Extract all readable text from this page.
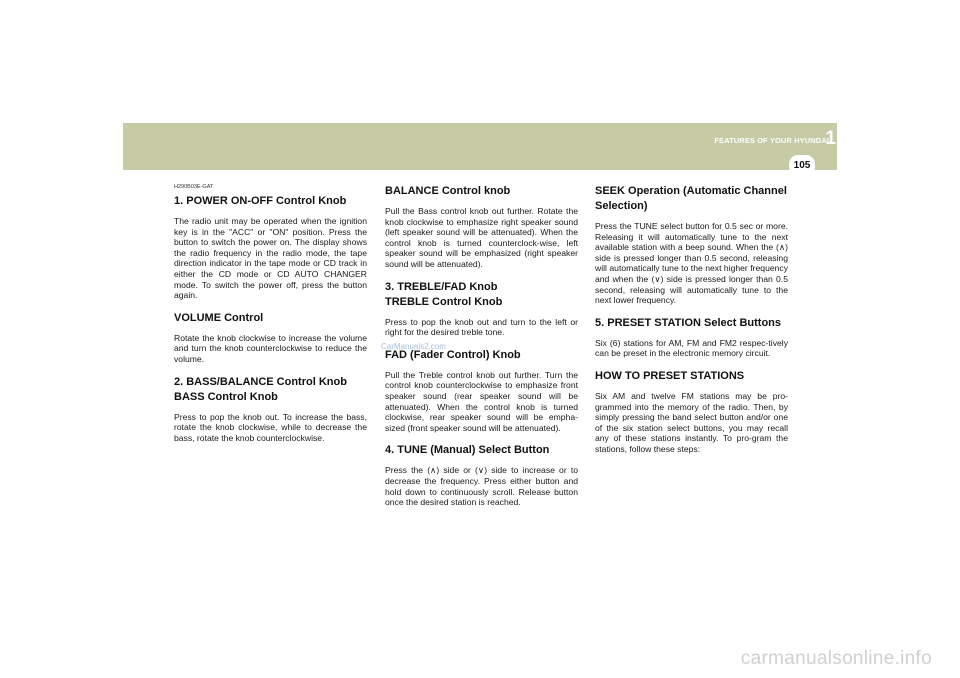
FEATURES OF YOUR HYUNDAI
1
105
H290B03E-GAT
1. POWER ON-OFF Control Knob

The radio unit may be operated when the ignition key is in the "ACC" or "ON" position. Press the button to switch the power on. The display shows the radio frequency in the radio mode, the tape direction indicator in the tape mode or CD track in either the CD mode or CD AUTO CHANGER mode. To switch the power off, press the button again.

VOLUME Control

Rotate the knob clockwise to increase the volume and turn the knob counterclockwise to reduce the volume.

2. BASS/BALANCE Control Knob
BASS Control Knob

Press to pop the knob out. To increase the bass, rotate the knob clockwise, while to decrease the bass, rotate the knob counterclockwise.

BALANCE Control knob

Pull the Bass control knob out further. Rotate the knob clockwise to emphasize right speaker sound (left speaker sound will be attenuated). When the control knob is turned counterclock-wise, left speaker sound will be emphasized (right speaker sound will be attenuated).

3. TREBLE/FAD Knob
TREBLE Control Knob

Press to pop the knob out and turn to the left or right for the desired treble tone.

FAD (Fader Control) Knob

Pull the Treble control knob out further. Turn the control knob counterclockwise to emphasize front speaker sound (rear speaker sound will be attenuated). When the control knob is turned clockwise, rear speaker sound will be empha-sized (front speaker sound will be attenuated).

4. TUNE (Manual) Select Button

Press the (∧) side or (∨) side to increase or to decrease the frequency. Press either button and hold down to continuously scroll. Release button once the desired station is reached.

SEEK Operation (Automatic Channel Selection)

Press the TUNE select button for 0.5 sec or more. Releasing it will automatically tune to the next available station with a beep sound. When the (∧) side is pressed longer than 0.5 second, releasing will automatically tune to the next higher frequency and when the (∨) side is pressed longer than 0.5 second, releasing will automatically tune to the next lower frequency.

5. PRESET STATION Select Buttons

Six (6) stations for AM, FM and FM2 respec-tively can be preset in the electronic memory circuit.

HOW TO PRESET STATIONS

Six AM and twelve FM stations may be pro-grammed into the memory of the radio. Then, by simply pressing the band select button and/or one of the six station select buttons, you may recall any of these stations instantly. To pro-gram the stations, follow these steps:

CarManuals2.com
carmanualsonline.info
